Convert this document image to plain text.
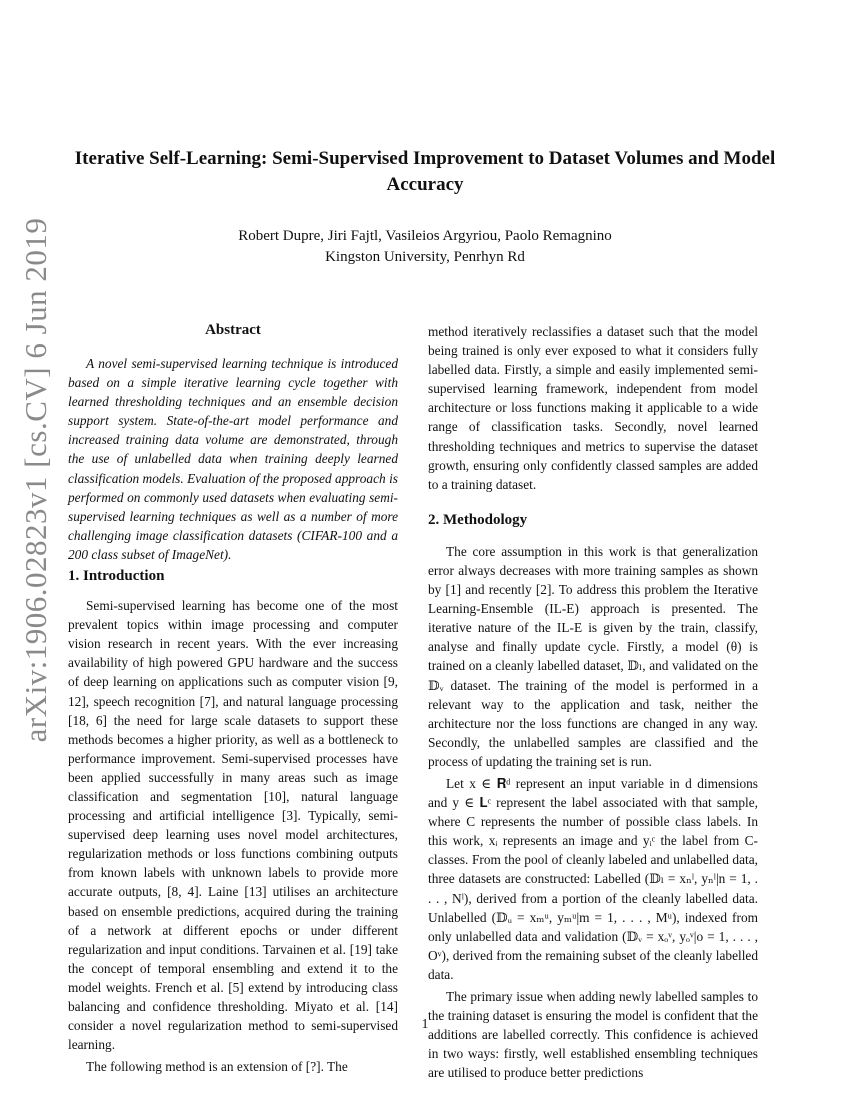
arXiv:1906.02823v1 [cs.CV] 6 Jun 2019
Iterative Self-Learning: Semi-Supervised Improvement to Dataset Volumes and Model Accuracy
Robert Dupre, Jiri Fajtl, Vasileios Argyriou, Paolo Remagnino
Kingston University, Penrhyn Rd
Abstract

A novel semi-supervised learning technique is introduced based on a simple iterative learning cycle together with learned thresholding techniques and an ensemble decision support system. State-of-the-art model performance and increased training data volume are demonstrated, through the use of unlabelled data when training deeply learned classification models. Evaluation of the proposed approach is performed on commonly used datasets when evaluating semi-supervised learning techniques as well as a number of more challenging image classification datasets (CIFAR-100 and a 200 class subset of ImageNet).

1. Introduction

Semi-supervised learning has become one of the most prevalent topics within image processing and computer vision research in recent years. With the ever increasing availability of high powered GPU hardware and the success of deep learning on applications such as computer vision [9, 12], speech recognition [7], and natural language processing [18, 6] the need for large scale datasets to support these methods becomes a higher priority, as well as a bottleneck to performance improvement. Semi-supervised processes have been applied successfully in many areas such as image classification and segmentation [10], natural language processing and artificial intelligence [3]. Typically, semi-supervised deep learning uses novel model architectures, regularization methods or loss functions combining outputs from known labels with unknown labels to provide more accurate outputs, [8, 4]. Laine [13] utilises an architecture based on ensemble predictions, acquired during the training of a network at different epochs or under different regularization and input conditions. Tarvainen et al. [19] take the concept of temporal ensembling and extend it to the model weights. French et al. [5] extend by introducing class balancing and confidence thresholding. Miyato et al. [14] consider a novel regularization method to semi-supervised learning.

The following method is an extension of [?]. The

method iteratively reclassifies a dataset such that the model being trained is only ever exposed to what it considers fully labelled data. Firstly, a simple and easily implemented semi-supervised learning framework, independent from model architecture or loss functions making it applicable to a wide range of classification tasks. Secondly, novel learned thresholding techniques and metrics to supervise the dataset growth, ensuring only confidently classed samples are added to a training dataset.

2. Methodology

The core assumption in this work is that generalization error always decreases with more training samples as shown by [1] and recently [2]. To address this problem the Iterative Learning-Ensemble (IL-E) approach is presented. The iterative nature of the IL-E is given by the train, classify, analyse and finally update cycle. Firstly, a model (θ) is trained on a cleanly labelled dataset, 𝔻ₗ, and validated on the 𝔻ᵥ dataset. The training of the model is performed in a relevant way to the application and task, neither the architecture nor the loss functions are changed in any way. Secondly, the unlabelled samples are classified and the process of updating the training set is run.

Let x ∈ 𝐑ᵈ represent an input variable in d dimensions and y ∈ 𝐋ᶜ represent the label associated with that sample, where C represents the number of possible class labels. In this work, xᵢ represents an image and yᵢᶜ the label from C-classes. From the pool of cleanly labeled and unlabelled data, three datasets are constructed: Labelled (𝔻ₗ = xₙˡ, yₙˡ|n = 1, . . . , Nˡ), derived from a portion of the cleanly labelled data. Unlabelled (𝔻ᵤ = xₘᵘ, yₘᵘ|m = 1, . . . , Mᵘ), indexed from only unlabelled data and validation (𝔻ᵥ = xₒᵛ, yₒᵛ|o = 1, . . . , Oᵛ), derived from the remaining subset of the cleanly labelled data.

The primary issue when adding newly labelled samples to the training dataset is ensuring the model is confident that the additions are labelled correctly. This confidence is achieved in two ways: firstly, well established ensembling techniques are utilised to produce better predictions

1
